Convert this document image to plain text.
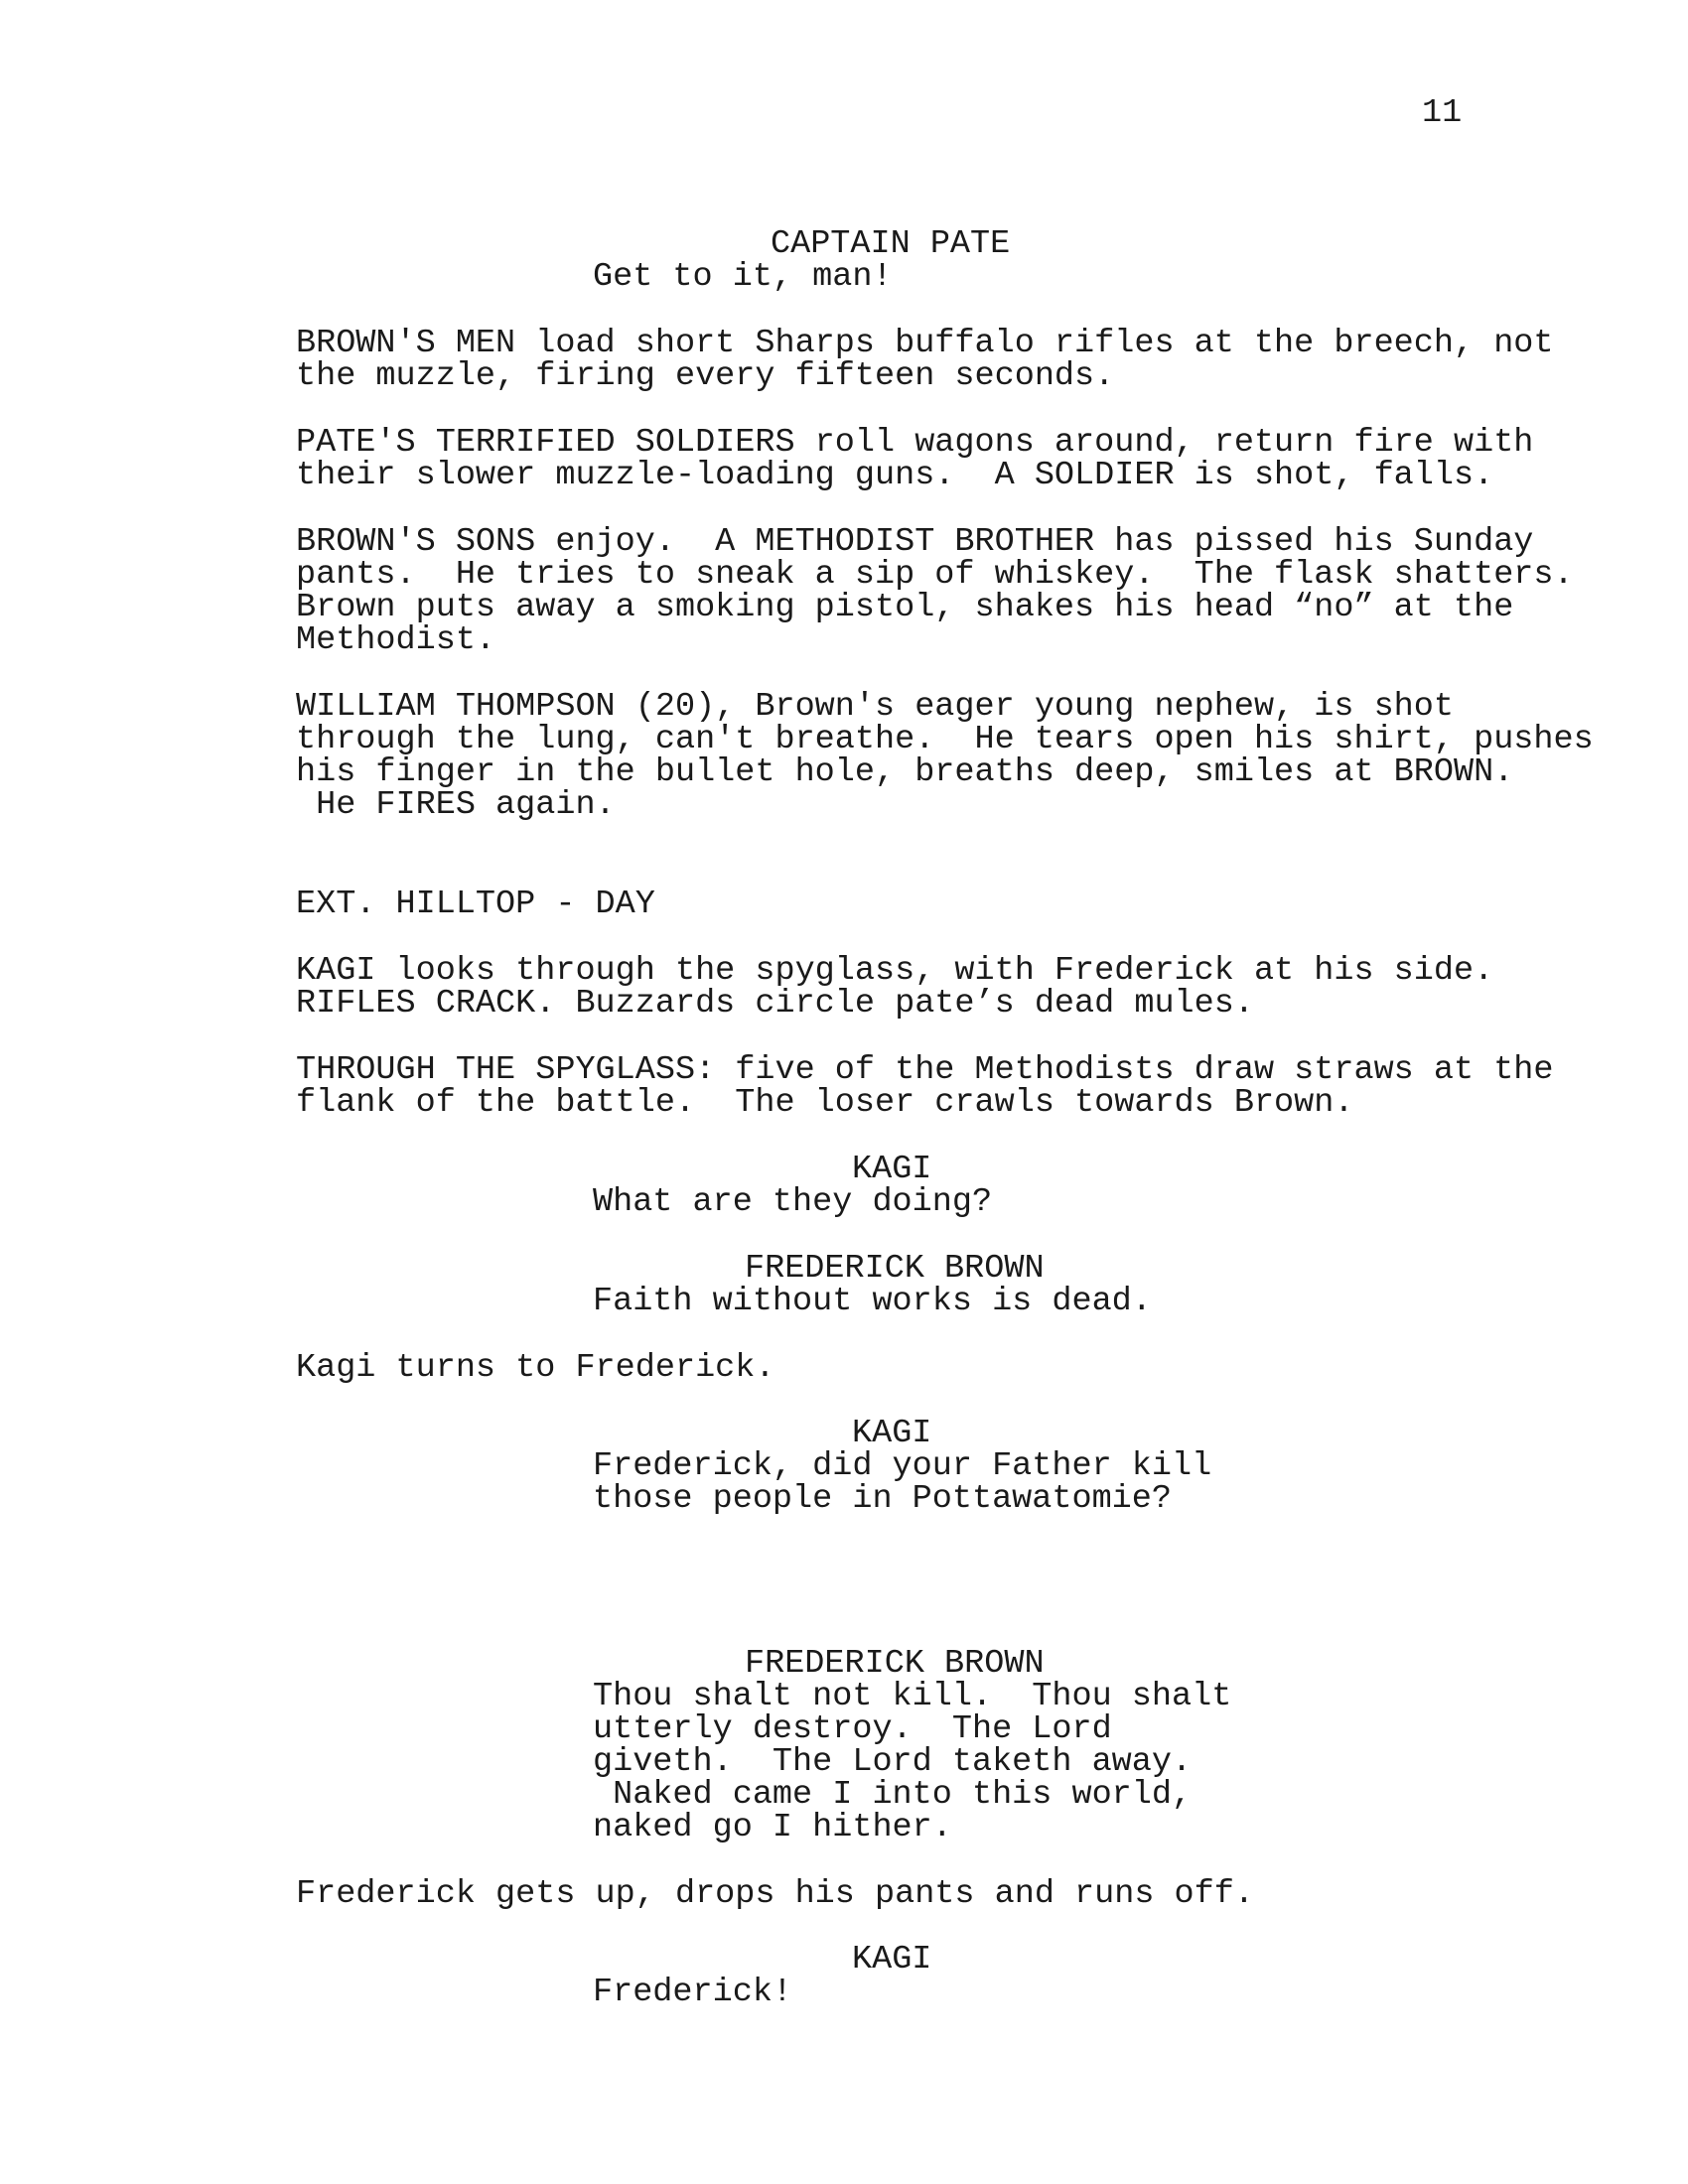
11
CAPTAIN PATE
Get to it, man!
BROWN'S MEN load short Sharps buffalo rifles at the breech, not
the muzzle, firing every fifteen seconds.
PATE'S TERRIFIED SOLDIERS roll wagons around, return fire with
their slower muzzle-loading guns.  A SOLDIER is shot, falls.
BROWN'S SONS enjoy.  A METHODIST BROTHER has pissed his Sunday
pants.  He tries to sneak a sip of whiskey.  The flask shatters.
Brown puts away a smoking pistol, shakes his head “no” at the
Methodist.
WILLIAM THOMPSON (20), Brown's eager young nephew, is shot
through the lung, can't breathe.  He tears open his shirt, pushes
his finger in the bullet hole, breaths deep, smiles at BROWN.
He FIRES again.
EXT. HILLTOP - DAY
KAGI looks through the spyglass, with Frederick at his side.
RIFLES CRACK. Buzzards circle pate’s dead mules.
THROUGH THE SPYGLASS: five of the Methodists draw straws at the
flank of the battle.  The loser crawls towards Brown.
KAGI
What are they doing?
FREDERICK BROWN
Faith without works is dead.
Kagi turns to Frederick.
KAGI
Frederick, did your Father kill
those people in Pottawatomie?
FREDERICK BROWN
Thou shalt not kill.  Thou shalt
utterly destroy.  The Lord
giveth.  The Lord taketh away.
Naked came I into this world,
naked go I hither.
Frederick gets up, drops his pants and runs off.
KAGI
Frederick!
